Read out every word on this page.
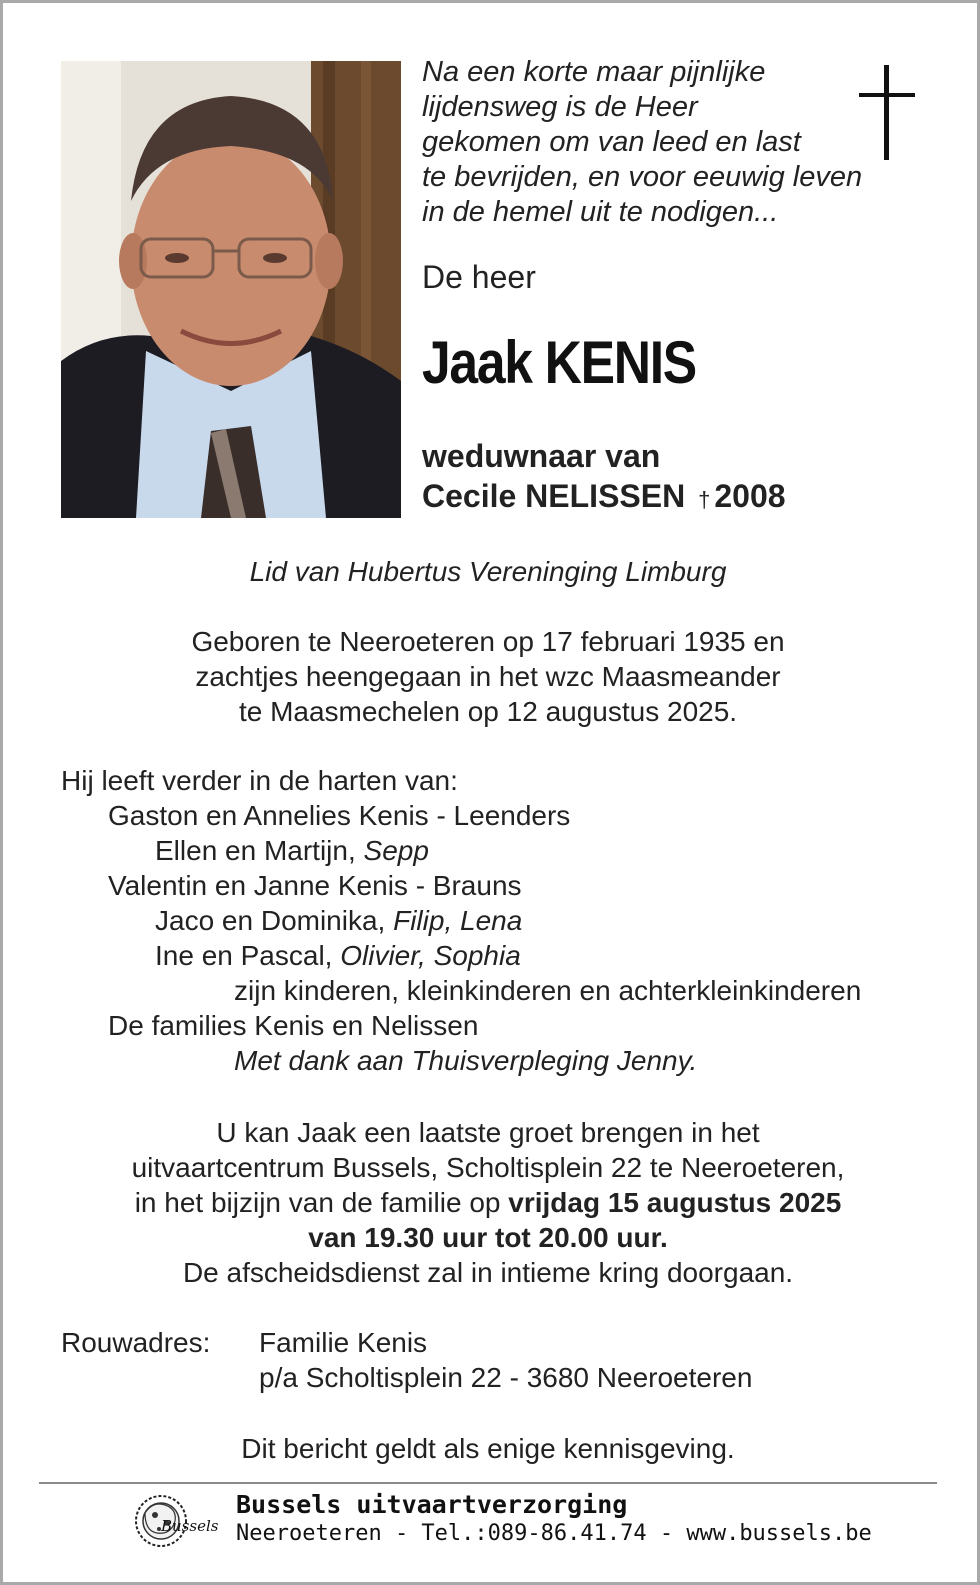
Na een korte maar pijnlijke
lijdensweg is de Heer
gekomen om van leed en last
te bevrijden, en voor eeuwig leven
in de hemel uit te nodigen...
De heer
Jaak KENIS
weduwnaar van
Cecile NELISSEN † 2008
Lid van Hubertus Vereninging Limburg
Geboren te Neeroeteren op 17 februari 1935 en
zachtjes heengegaan in het wzc Maasmeander
te Maasmechelen op 12 augustus 2025.
Hij leeft verder in de harten van:
Gaston en Annelies Kenis - Leenders
Ellen en Martijn, Sepp
Valentin en Janne Kenis - Brauns
Jaco en Dominika, Filip, Lena
Ine en Pascal, Olivier, Sophia
zijn kinderen, kleinkinderen en achterkleinkinderen
De families Kenis en Nelissen
Met dank aan Thuisverpleging Jenny.
U kan Jaak een laatste groet brengen in het
uitvaartcentrum Bussels, Scholtisplein 22 te Neeroeteren,
in het bijzijn van de familie op vrijdag 15 augustus 2025
van 19.30 uur tot 20.00 uur.
De afscheidsdienst zal in intieme kring doorgaan.
Rouwadres: Familie Kenis
p/a Scholtisplein 22 - 3680 Neeroeteren
Dit bericht geldt als enige kennisgeving.
Bussels
Bussels uitvaartverzorging
Neeroeteren - Tel.:089-86.41.74 - www.bussels.be
